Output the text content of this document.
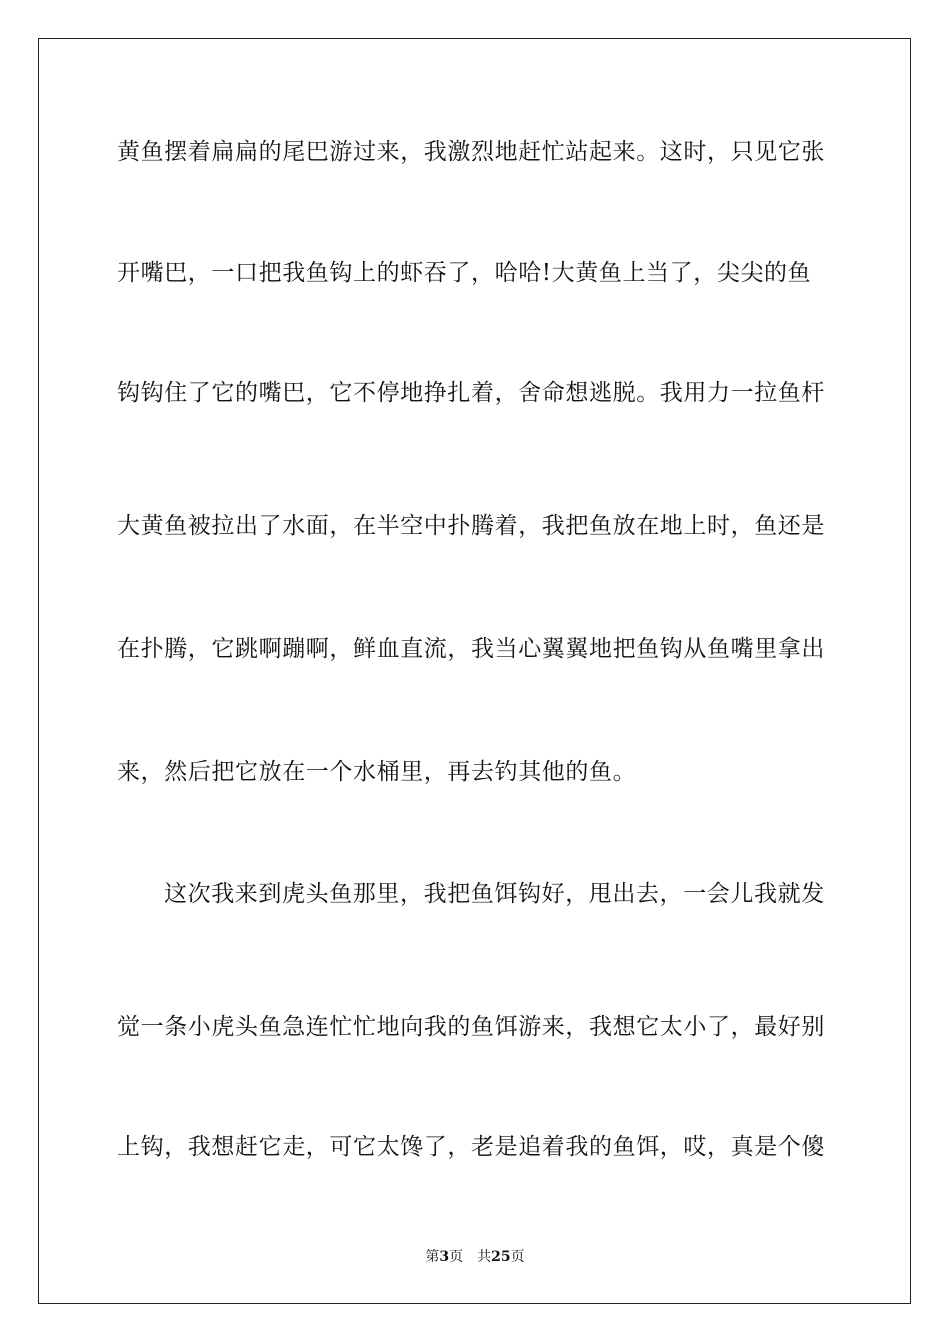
黄鱼摆着扁扁的尾巴游过来，我激烈地赶忙站起来。这时，只见它张
开嘴巴，一口把我鱼钩上的虾吞了，哈哈!大黄鱼上当了，尖尖的鱼
钩钩住了它的嘴巴，它不停地挣扎着，舍命想逃脱。我用力一拉鱼杆
大黄鱼被拉出了水面，在半空中扑腾着，我把鱼放在地上时，鱼还是
在扑腾，它跳啊蹦啊，鲜血直流，我当心翼翼地把鱼钩从鱼嘴里拿出
来，然后把它放在一个水桶里，再去钓其他的鱼。
这次我来到虎头鱼那里，我把鱼饵钩好，甩出去，一会儿我就发
觉一条小虎头鱼急连忙忙地向我的鱼饵游来，我想它太小了，最好别
上钩，我想赶它走，可它太馋了，老是追着我的鱼饵，哎，真是个傻
第3页 共25页
